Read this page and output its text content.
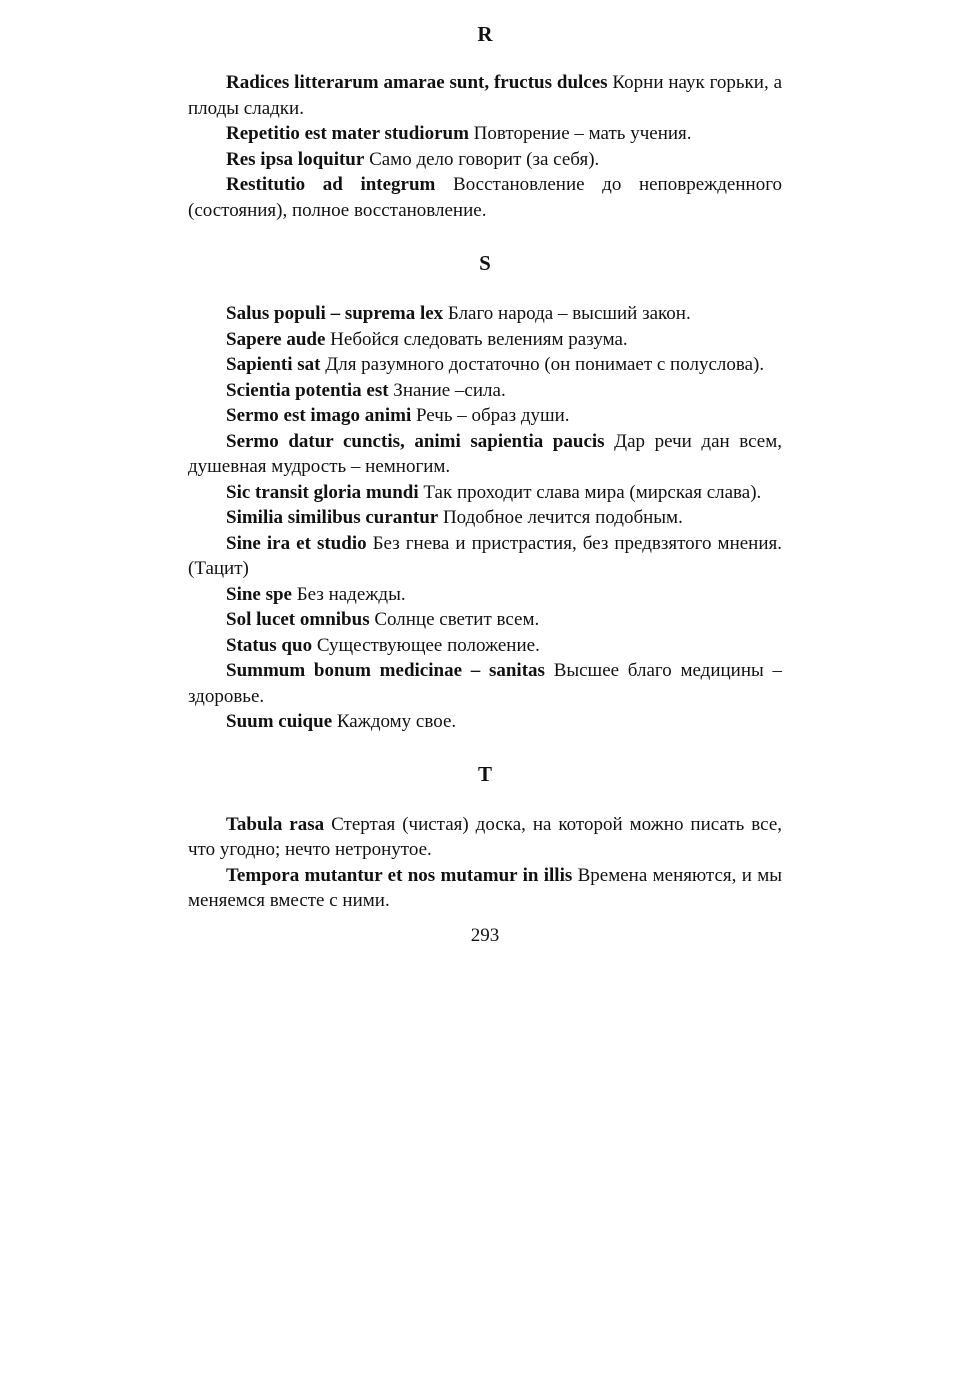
R

Radices litterarum amarae sunt, fructus dulces Корни наук горьки, а плоды сладки.

Repetitio est mater studiorum Повторение – мать учения.

Res ipsa loquitur Само дело говорит (за себя).

Restitutio ad integrum Восстановление до неповрежденного (состояния), полное восстановление.

S

Salus populi – suprema lex Благо народа – высший закон.

Sapere aude Небойся следовать велениям разума.

Sapienti sat Для разумного достаточно (он понимает с полуслова).

Scientia potentia est Знание –сила.

Sermo est imago animi Речь – образ души.

Sermo datur cunctis, animi sapientia paucis Дар речи дан всем, душевная мудрость – немногим.

Sic transit gloria mundi Так проходит слава мира (мирская слава).

Similia similibus curantur Подобное лечится подобным.

Sine ira et studio Без гнева и пристрастия, без предвзятого мнения. (Тацит)

Sine spe Без надежды.

Sol lucet omnibus Солнце светит всем.

Status quo Существующее положение.

Summum bonum medicinae – sanitas Высшее благо медицины – здоровье.

Suum cuique Каждому свое.

T

Tabula rasa Стертая (чистая) доска, на которой можно писать все, что угодно; нечто нетронутое.

Tempora mutantur et nos mutamur in illis Времена меняются, и мы меняемся вместе с ними.

293
